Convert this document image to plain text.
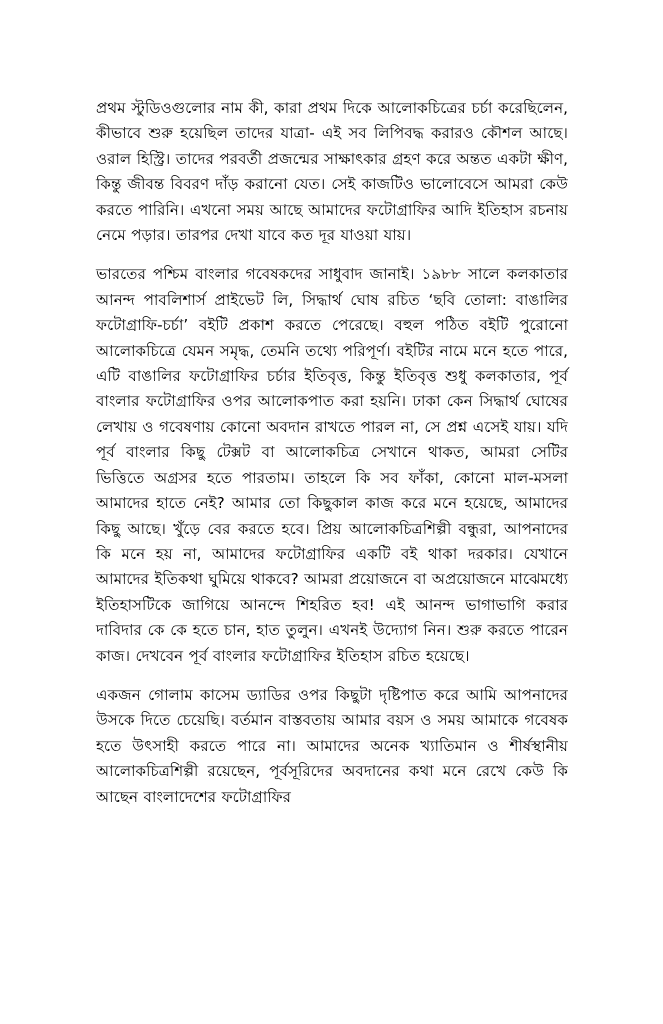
প্রথম স্টুডিওগুলোর নাম কী, কারা প্রথম দিকে আলোকচিত্রের চর্চা করেছিলেন, কীভাবে শুরু হয়েছিল তাদের যাত্রা- এই সব লিপিবদ্ধ করারও কৌশল আছে। ওরাল হিস্ট্রি। তাদের পরবর্তী প্রজন্মের সাক্ষাৎকার গ্রহণ করে অন্তত একটা ক্ষীণ, কিন্তু জীবন্ত বিবরণ দাঁড় করানো যেত। সেই কাজটিও ভালোবেসে আমরা কেউ করতে পারিনি। এখনো সময় আছে আমাদের ফটোগ্রাফির আদি ইতিহাস রচনায় নেমে পড়ার। তারপর দেখা যাবে কত দূর যাওয়া যায়।

ভারতের পশ্চিম বাংলার গবেষকদের সাধুবাদ জানাই। ১৯৮৮ সালে কলকাতার আনন্দ পাবলিশার্স প্রাইভেট লি, সিদ্ধার্থ ঘোষ রচিত ‘ছবি তোলা: বাঙালির ফটোগ্রাফি-চর্চা’ বইটি প্রকাশ করতে পেরেছে। বহুল পঠিত বইটি পুরোনো আলোকচিত্রে যেমন সমৃদ্ধ, তেমনি তথ্যে পরিপূর্ণ। বইটির নামে মনে হতে পারে, এটি বাঙালির ফটোগ্রাফির চর্চার ইতিবৃত্ত, কিন্তু ইতিবৃত্ত শুধু কলকাতার, পূর্ব বাংলার ফটোগ্রাফির ওপর আলোকপাত করা হয়নি। ঢাকা কেন সিদ্ধার্থ ঘোষের লেখায় ও গবেষণায় কোনো অবদান রাখতে পারল না, সে প্রশ্ন এসেই যায়। যদি পূর্ব বাংলার কিছু টেক্সট বা আলোকচিত্র সেখানে থাকত, আমরা সেটির ভিত্তিতে অগ্রসর হতে পারতাম। তাহলে কি সব ফাঁকা, কোনো মাল-মসলা আমাদের হাতে নেই? আমার তো কিছুকাল কাজ করে মনে হয়েছে, আমাদের কিছু আছে। খুঁড়ে বের করতে হবে। প্রিয় আলোকচিত্রশিল্পী বন্ধুরা, আপনাদের কি মনে হয় না, আমাদের ফটোগ্রাফির একটি বই থাকা দরকার। যেখানে আমাদের ইতিকথা ঘুমিয়ে থাকবে? আমরা প্রয়োজনে বা অপ্রয়োজনে মাঝেমধ্যে ইতিহাসটিকে জাগিয়ে আনন্দে শিহরিত হব! এই আনন্দ ভাগাভাগি করার দাবিদার কে কে হতে চান, হাত তুলুন। এখনই উদ্যোগ নিন। শুরু করতে পারেন কাজ। দেখবেন পূর্ব বাংলার ফটোগ্রাফির ইতিহাস রচিত হয়েছে।

একজন গোলাম কাসেম ড্যাডির ওপর কিছুটা দৃষ্টিপাত করে আমি আপনাদের উসকে দিতে চেয়েছি। বর্তমান বাস্তবতায় আমার বয়স ও সময় আমাকে গবেষক হতে উৎসাহী করতে পারে না। আমাদের অনেক খ্যাতিমান ও শীর্ষস্থানীয় আলোকচিত্রশিল্পী রয়েছেন, পূর্বসূরিদের অবদানের কথা মনে রেখে কেউ কি আছেন বাংলাদেশের ফটোগ্রাফির
